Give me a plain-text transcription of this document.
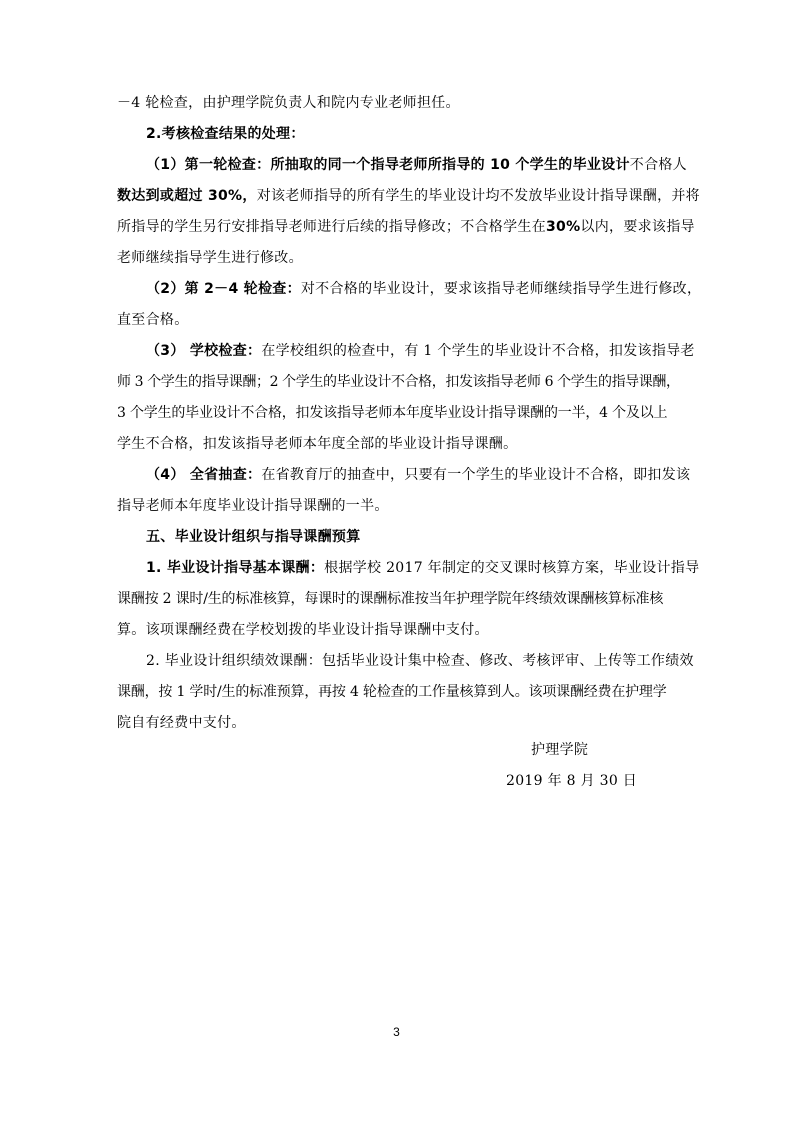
－4 轮检查，由护理学院负责人和院内专业老师担任。
2.考核检查结果的处理：
（1）第一轮检查：所抽取的同一个指导老师所指导的 10 个学生的毕业设计不合格人
数达到或超过 30%，对该老师指导的所有学生的毕业设计均不发放毕业设计指导课酬，并将
所指导的学生另行安排指导老师进行后续的指导修改；不合格学生在30%以内，要求该指导
老师继续指导学生进行修改。
（2）第 2－4 轮检查：对不合格的毕业设计，要求该指导老师继续指导学生进行修改，
直至合格。
（3） 学校检查：在学校组织的检查中，有 1 个学生的毕业设计不合格，扣发该指导老
师 3 个学生的指导课酬；2 个学生的毕业设计不合格，扣发该指导老师 6 个学生的指导课酬，
3 个学生的毕业设计不合格，扣发该指导老师本年度毕业设计指导课酬的一半，4 个及以上
学生不合格，扣发该指导老师本年度全部的毕业设计指导课酬。
（4） 全省抽查：在省教育厅的抽查中，只要有一个学生的毕业设计不合格，即扣发该
指导老师本年度毕业设计指导课酬的一半。
五、毕业设计组织与指导课酬预算
1. 毕业设计指导基本课酬：根据学校 2017 年制定的交叉课时核算方案，毕业设计指导
课酬按 2 课时/生的标准核算，每课时的课酬标准按当年护理学院年终绩效课酬核算标准核
算。该项课酬经费在学校划拨的毕业设计指导课酬中支付。
2. 毕业设计组织绩效课酬：包括毕业设计集中检查、修改、考核评审、上传等工作绩效
课酬，按 1 学时/生的标准预算，再按 4 轮检查的工作量核算到人。该项课酬经费在护理学
院自有经费中支付。
护理学院
2019 年 8 月 30 日
3
